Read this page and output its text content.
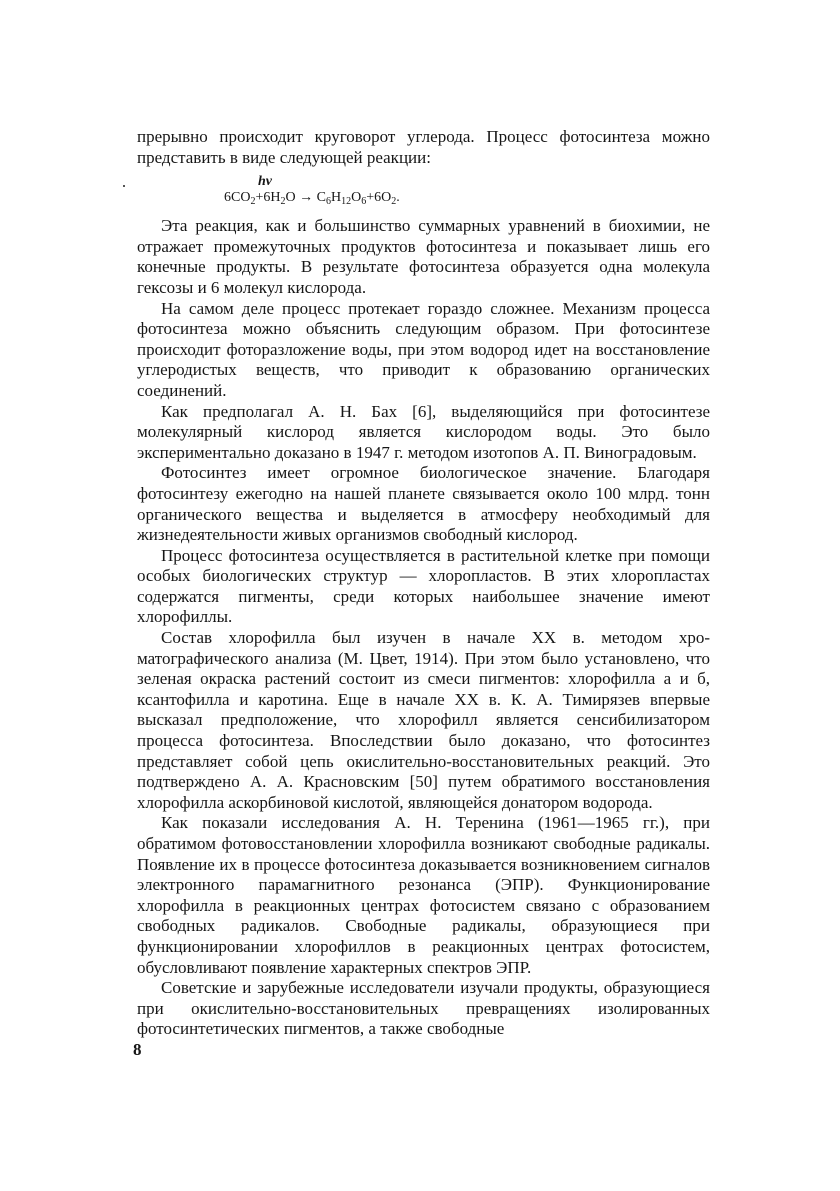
прерывно происходит круговорот углерода. Процесс фотосинтеза можно представить в виде следующей реакции:

hv
$6CO_2+6H_2O \to C_6H_{12}O_6+6O_2$.

Эта реакция, как и большинство суммарных уравнений в биохимии, не отражает промежуточных продуктов фотосинтеза и показывает лишь его конечные продукты. В результате фотосинтеза образуется одна молекула гексозы и 6 молекул кислорода.

На самом деле процесс протекает гораздо сложнее. Механизм процесса фотосинтеза можно объяснить следующим образом. При фотосинтезе происходит фоторазложение воды, при этом водород идет на восстановление углеродистых веществ, что приводит к образованию органических соединений.

Как предполагал А. Н. Бах [6], выделяющийся при фотосинтезе молекулярный кислород является кислородом воды. Это было экспериментально доказано в 1947 г. методом изотопов А. П. Виноградовым.

Фотосинтез имеет огромное биологическое значение. Благодаря фотосинтезу ежегодно на нашей планете связывается около 100 млрд. тонн органического вещества и выделяется в атмосферу необходимый для жизнедеятельности живых организмов свободный кислород.

Процесс фотосинтеза осуществляется в растительной клетке при помощи особых биологических структур — хлоропластов. В этих хлоропластах содержатся пигменты, среди которых наибольшее значение имеют хлорофиллы.

Состав хлорофилла был изучен в начале XX в. методом хроматографического анализа (М. Цвет, 1914). При этом было установлено, что зеленая окраска растений состоит из смеси пигментов: хлорофилла а и б, ксантофилла и каротина. Еще в начале XX в. К. А. Тимирязев впервые высказал предположение, что хлорофилл является сенсибилизатором процесса фотосинтеза. Впоследствии было доказано, что фотосинтез представляет собой цепь окислительно-восстановительных реакций. Это подтверждено А. А. Красновским [50] путем обратимого восстановления хлорофилла аскорбиновой кислотой, являющейся донатором водорода.

Как показали исследования А. Н. Теренина (1961—1965 гг.), при обратимом фотовосстановлении хлорофилла возникают свободные радикалы. Появление их в процессе фотосинтеза доказывается возникновением сигналов электронного парамагнитного резонанса (ЭПР). Функционирование хлорофилла в реакционных центрах фотосистем связано с образованием свободных радикалов. Свободные радикалы, образующиеся при функционировании хлорофиллов в реакционных центрах фотосистем, обусловливают появление характерных спектров ЭПР.

Советские и зарубежные исследователи изучали продукты, образующиеся при окислительно-восстановительных превращениях изолированных фотосинтетических пигментов, а также свободные

8
